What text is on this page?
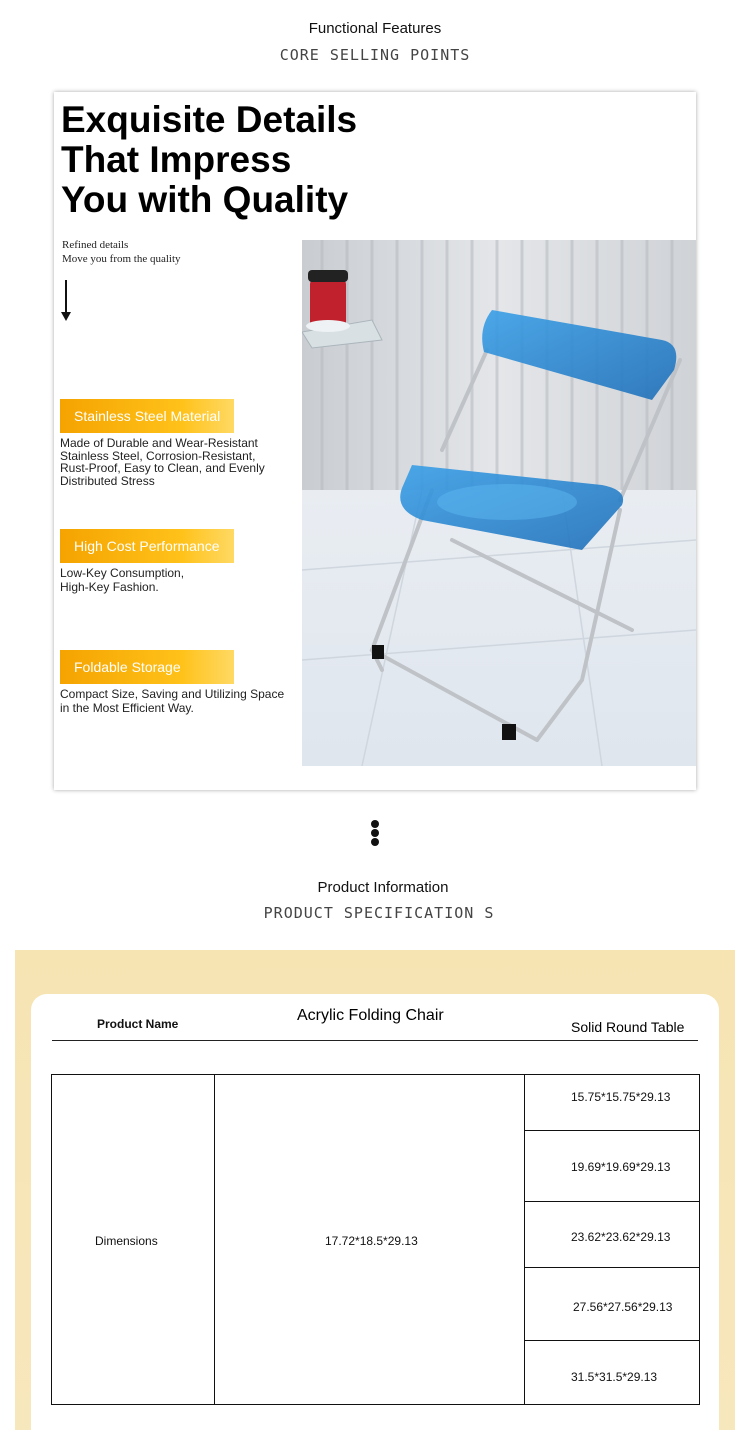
Functional Features
CORE SELLING POINTS
Exquisite Details
That Impress
You with Quality
Refined details
Move you from the quality
Stainless Steel Material
Made of Durable and Wear-Resistant
Stainless Steel, Corrosion-Resistant,
Rust-Proof, Easy to Clean, and Evenly
Distributed Stress
High Cost Performance
Low-Key Consumption,
High-Key Fashion.
Foldable Storage
Compact Size, Saving and Utilizing Space
in the Most Efficient Way.
Product Information
PRODUCT SPECIFICATION S
Product Name	Acrylic Folding Chair
Solid Round Table
Dimensions	17.72*18.5*29.13
15.75*15.75*29.13
19.69*19.69*29.13
23.62*23.62*29.13
27.56*27.56*29.13
31.5*31.5*29.13
